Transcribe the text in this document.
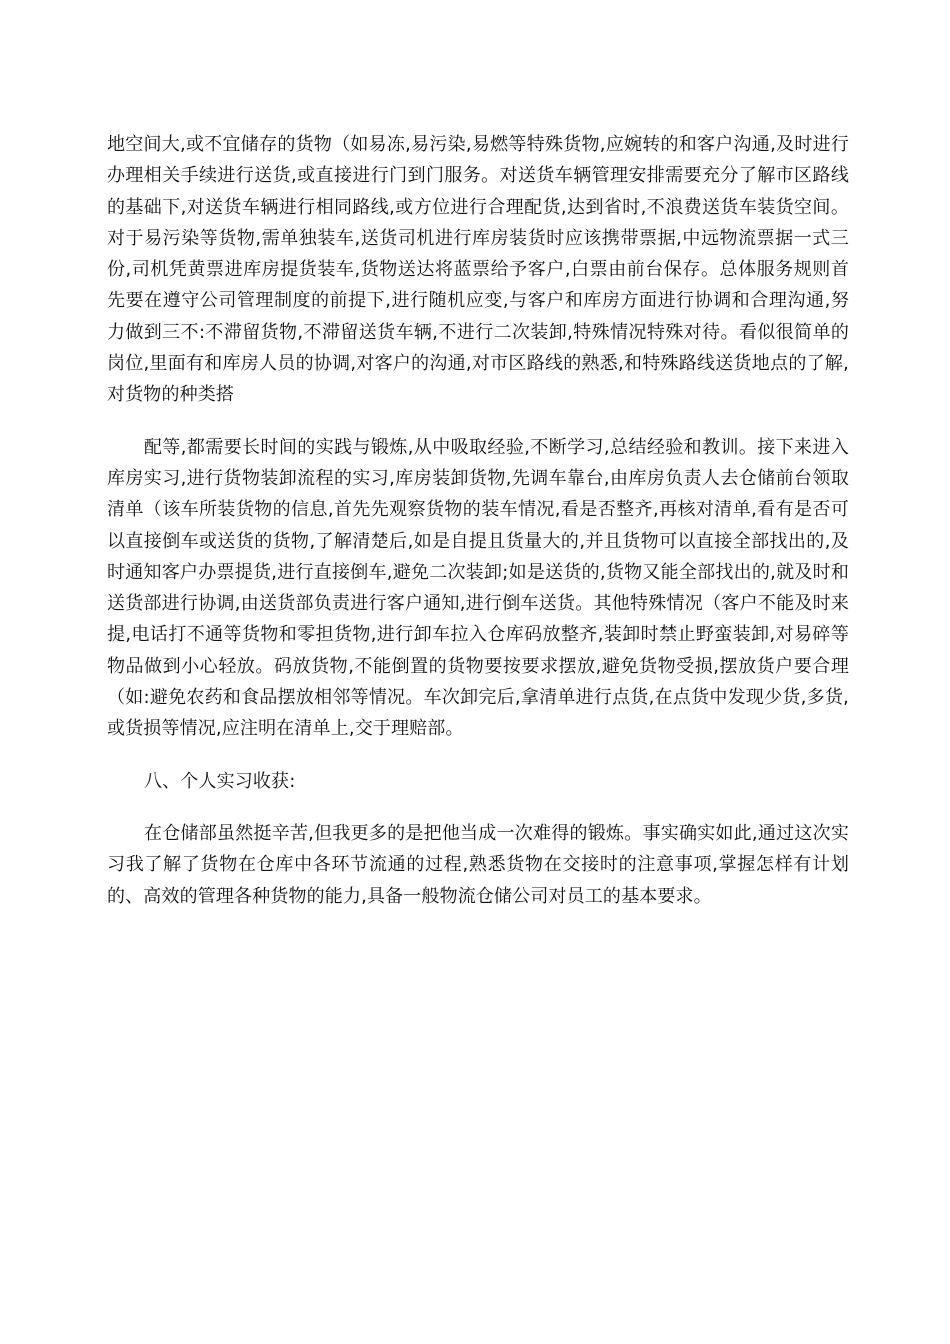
地空间大,或不宜储存的货物（如易冻,易污染,易燃等特殊货物,应婉转的和客户沟通,及时进行办理相关手续进行送货,或直接进行门到门服务。对送货车辆管理安排需要充分了解市区路线的基础下,对送货车辆进行相同路线,或方位进行合理配货,达到省时,不浪费送货车装货空间。对于易污染等货物,需单独装车,送货司机进行库房装货时应该携带票据,中远物流票据一式三份,司机凭黄票进库房提货装车,货物送达将蓝票给予客户,白票由前台保存。总体服务规则首先要在遵守公司管理制度的前提下,进行随机应变,与客户和库房方面进行协调和合理沟通,努力做到三不:不滞留货物,不滞留送货车辆,不进行二次装卸,特殊情况特殊对待。看似很简单的岗位,里面有和库房人员的协调,对客户的沟通,对市区路线的熟悉,和特殊路线送货地点的了解,对货物的种类搭

配等,都需要长时间的实践与锻炼,从中吸取经验,不断学习,总结经验和教训。接下来进入库房实习,进行货物装卸流程的实习,库房装卸货物,先调车靠台,由库房负责人去仓储前台领取清单（该车所装货物的信息,首先先观察货物的装车情况,看是否整齐,再核对清单,看有是否可以直接倒车或送货的货物,了解清楚后,如是自提且货量大的,并且货物可以直接全部找出的,及时通知客户办票提货,进行直接倒车,避免二次装卸;如是送货的,货物又能全部找出的,就及时和送货部进行协调,由送货部负责进行客户通知,进行倒车送货。其他特殊情况（客户不能及时来提,电话打不通等货物和零担货物,进行卸车拉入仓库码放整齐,装卸时禁止野蛮装卸,对易碎等物品做到小心轻放。码放货物,不能倒置的货物要按要求摆放,避免货物受损,摆放货户要合理（如:避免农药和食品摆放相邻等情况。车次卸完后,拿清单进行点货,在点货中发现少货,多货,或货损等情况,应注明在清单上,交于理赔部。

八、个人实习收获:

在仓储部虽然挺辛苦,但我更多的是把他当成一次难得的锻炼。事实确实如此,通过这次实习我了解了货物在仓库中各环节流通的过程,熟悉货物在交接时的注意事项,掌握怎样有计划的、高效的管理各种货物的能力,具备一般物流仓储公司对员工的基本要求。
